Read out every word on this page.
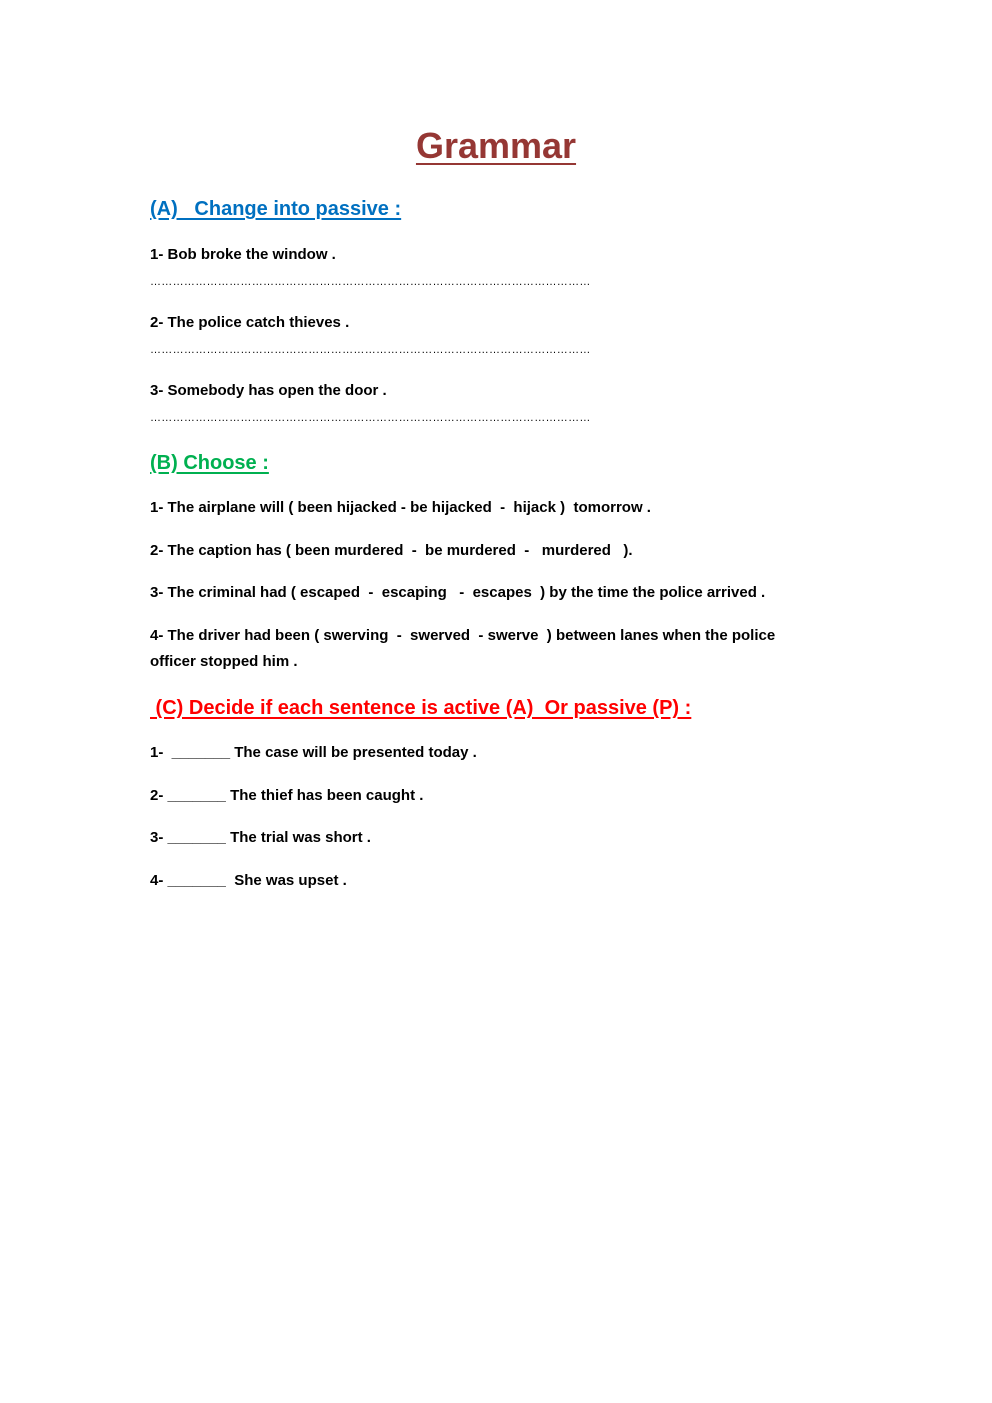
Grammar
(A)   Change into passive :
1- Bob broke the window .
………………………………………………………………………………………………………
2- The police catch thieves .
………………………………………………………………………………………………………
3- Somebody has open the door .
………………………………………………………………………………………………………
(B) Choose :
1- The airplane will ( been hijacked - be hijacked  -  hijack )  tomorrow .
2- The caption has ( been murdered  -  be murdered  -   murdered   ).
3- The criminal had ( escaped  -  escaping   -  escapes  ) by the time the police arrived .
4- The driver had been ( swerving  -  swerved  - swerve  ) between lanes when the police
officer stopped him .
(C) Decide if each sentence is active (A)  Or passive (P) :
1-  _______ The case will be presented today .
2- _______ The thief has been caught .
3- _______ The trial was short .
4- _______  She was upset .
